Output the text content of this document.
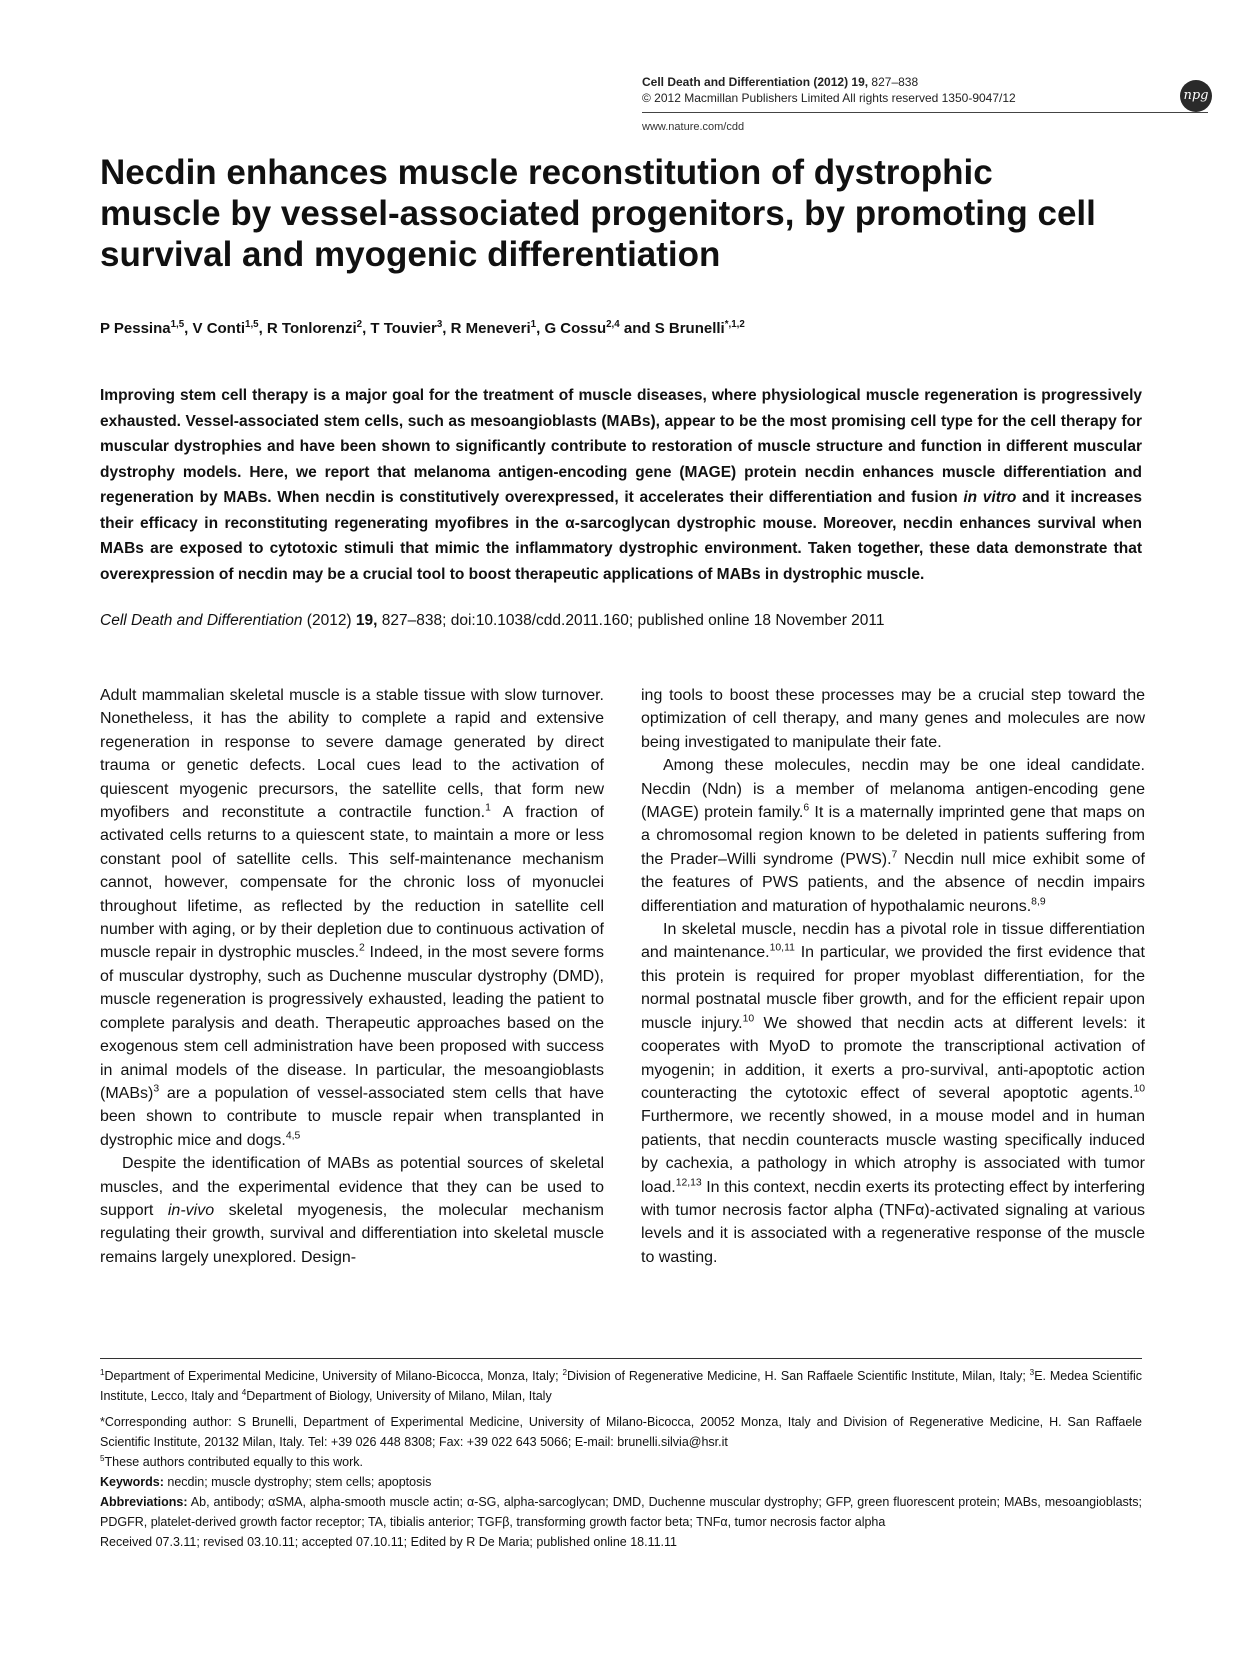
Cell Death and Differentiation (2012) 19, 827–838
© 2012 Macmillan Publishers Limited All rights reserved 1350-9047/12
www.nature.com/cdd
npg
Necdin enhances muscle reconstitution of dystrophic muscle by vessel-associated progenitors, by promoting cell survival and myogenic differentiation
P Pessina$^{1,5}$, V Conti$^{1,5}$, R Tonlorenzi$^2$, T Touvier$^3$, R Meneveri$^1$, G Cossu$^{2,4}$ and S Brunelli$^{*,1,2}$

Improving stem cell therapy is a major goal for the treatment of muscle diseases, where physiological muscle regeneration is progressively exhausted. Vessel-associated stem cells, such as mesoangioblasts (MABs), appear to be the most promising cell type for the cell therapy for muscular dystrophies and have been shown to significantly contribute to restoration of muscle structure and function in different muscular dystrophy models. Here, we report that melanoma antigen-encoding gene (MAGE) protein necdin enhances muscle differentiation and regeneration by MABs. When necdin is constitutively overexpressed, it accelerates their differentiation and fusion in vitro and it increases their efficacy in reconstituting regenerating myofibres in the α-sarcoglycan dystrophic mouse. Moreover, necdin enhances survival when MABs are exposed to cytotoxic stimuli that mimic the inflammatory dystrophic environment. Taken together, these data demonstrate that overexpression of necdin may be a crucial tool to boost therapeutic applications of MABs in dystrophic muscle.

Cell Death and Differentiation (2012) 19, 827–838; doi:10.1038/cdd.2011.160; published online 18 November 2011

Adult mammalian skeletal muscle is a stable tissue with slow turnover. Nonetheless, it has the ability to complete a rapid and extensive regeneration in response to severe damage generated by direct trauma or genetic defects. Local cues lead to the activation of quiescent myogenic precursors, the satellite cells, that form new myofibers and reconstitute a contractile function.$^1$ A fraction of activated cells returns to a quiescent state, to maintain a more or less constant pool of satellite cells. This self-maintenance mechanism cannot, however, compensate for the chronic loss of myonuclei throughout lifetime, as reflected by the reduction in satellite cell number with aging, or by their depletion due to continuous activation of muscle repair in dystrophic muscles.$^2$ Indeed, in the most severe forms of muscular dystrophy, such as Duchenne muscular dystrophy (DMD), muscle regeneration is progressively exhausted, leading the patient to complete paralysis and death. Therapeutic approaches based on the exogenous stem cell administration have been proposed with success in animal models of the disease. In particular, the mesoangioblasts (MABs)$^3$ are a population of vessel-associated stem cells that have been shown to contribute to muscle repair when transplanted in dystrophic mice and dogs.$^{4,5}$

Despite the identification of MABs as potential sources of skeletal muscles, and the experimental evidence that they can be used to support in-vivo skeletal myogenesis, the molecular mechanism regulating their growth, survival and differentiation into skeletal muscle remains largely unexplored. Design-

ing tools to boost these processes may be a crucial step toward the optimization of cell therapy, and many genes and molecules are now being investigated to manipulate their fate.

Among these molecules, necdin may be one ideal candidate. Necdin (Ndn) is a member of melanoma antigen-encoding gene (MAGE) protein family.$^6$ It is a maternally imprinted gene that maps on a chromosomal region known to be deleted in patients suffering from the Prader–Willi syndrome (PWS).$^7$ Necdin null mice exhibit some of the features of PWS patients, and the absence of necdin impairs differentiation and maturation of hypothalamic neurons.$^{8,9}$

In skeletal muscle, necdin has a pivotal role in tissue differentiation and maintenance.$^{10,11}$ In particular, we provided the first evidence that this protein is required for proper myoblast differentiation, for the normal postnatal muscle fiber growth, and for the efficient repair upon muscle injury.$^{10}$ We showed that necdin acts at different levels: it cooperates with MyoD to promote the transcriptional activation of myogenin; in addition, it exerts a pro-survival, anti-apoptotic action counteracting the cytotoxic effect of several apoptotic agents.$^{10}$ Furthermore, we recently showed, in a mouse model and in human patients, that necdin counteracts muscle wasting specifically induced by cachexia, a pathology in which atrophy is associated with tumor load.$^{12,13}$ In this context, necdin exerts its protecting effect by interfering with tumor necrosis factor alpha (TNFα)-activated signaling at various levels and it is associated with a regenerative response of the muscle to wasting.

$^1$Department of Experimental Medicine, University of Milano-Bicocca, Monza, Italy; $^2$Division of Regenerative Medicine, H. San Raffaele Scientific Institute, Milan, Italy; $^3$E. Medea Scientific Institute, Lecco, Italy and $^4$Department of Biology, University of Milano, Milan, Italy

*Corresponding author: S Brunelli, Department of Experimental Medicine, University of Milano-Bicocca, 20052 Monza, Italy and Division of Regenerative Medicine, H. San Raffaele Scientific Institute, 20132 Milan, Italy. Tel: +39 026 448 8308; Fax: +39 022 643 5066; E-mail: brunelli.silvia@hsr.it

$^5$These authors contributed equally to this work.

Keywords: necdin; muscle dystrophy; stem cells; apoptosis

Abbreviations: Ab, antibody; αSMA, alpha-smooth muscle actin; α-SG, alpha-sarcoglycan; DMD, Duchenne muscular dystrophy; GFP, green fluorescent protein; MABs, mesoangioblasts; PDGFR, platelet-derived growth factor receptor; TA, tibialis anterior; TGFβ, transforming growth factor beta; TNFα, tumor necrosis factor alpha

Received 07.3.11; revised 03.10.11; accepted 07.10.11; Edited by R De Maria; published online 18.11.11
